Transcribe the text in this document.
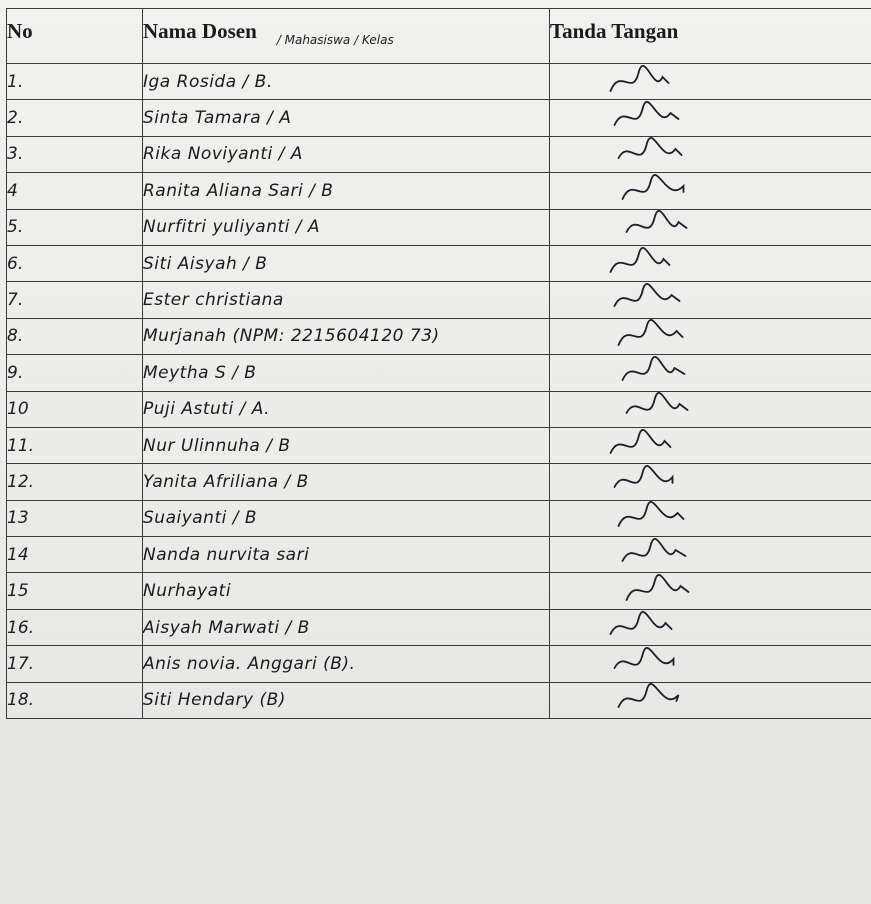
No	Nama Dosen $_{/ Mahasiswa / Kelas}$	Tanda Tangan
1.	Iga Rosida / B.	

2.	Sinta Tamara / A	

3.	Rika Noviyanti / A	

4	Ranita Aliana Sari / B	

5.	Nurfitri yuliyanti / A	

6.	Siti Aisyah / B	

7.	Ester christiana	

8.	Murjanah (NPM: 2215604120 73)	

9.	Meytha S / B	

10	Puji Astuti / A.	

11.	Nur Ulinnuha / B	

12.	Yanita Afriliana / B	

13	Suaiyanti / B	

14	Nanda nurvita sari	

15	Nurhayati	

16.	Aisyah Marwati / B	

17.	Anis novia. Anggari (B).	

18.	Siti Hendary (B)	
